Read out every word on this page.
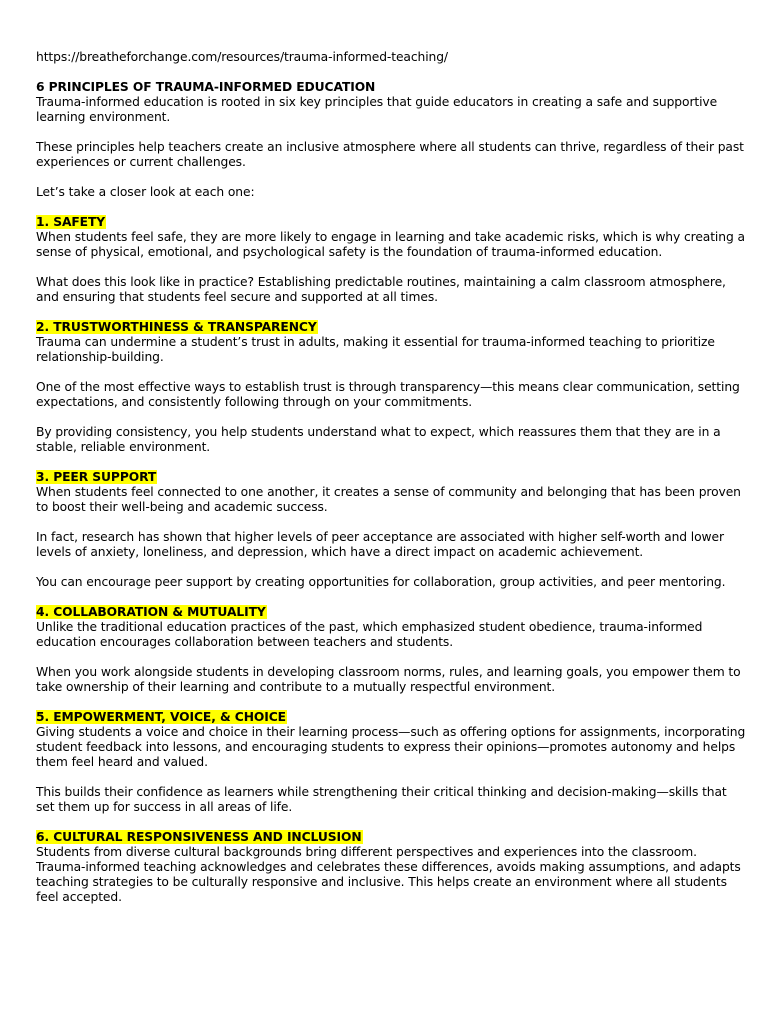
https://breatheforchange.com/resources/trauma-informed-teaching/

6 PRINCIPLES OF TRAUMA-INFORMED EDUCATION

Trauma-informed education is rooted in six key principles that guide educators in creating a safe and supportive learning environment.

These principles help teachers create an inclusive atmosphere where all students can thrive, regardless of their past experiences or current challenges.

Let’s take a closer look at each one:

1. SAFETY

When students feel safe, they are more likely to engage in learning and take academic risks, which is why creating a sense of physical, emotional, and psychological safety is the foundation of trauma-informed education.

What does this look like in practice? Establishing predictable routines, maintaining a calm classroom atmosphere, and ensuring that students feel secure and supported at all times.

2. TRUSTWORTHINESS & TRANSPARENCY

Trauma can undermine a student’s trust in adults, making it essential for trauma-informed teaching to prioritize relationship-building.

One of the most effective ways to establish trust is through transparency—this means clear communication, setting expectations, and consistently following through on your commitments.

By providing consistency, you help students understand what to expect, which reassures them that they are in a stable, reliable environment.

3. PEER SUPPORT

When students feel connected to one another, it creates a sense of community and belonging that has been proven to boost their well-being and academic success.

In fact, research has shown that higher levels of peer acceptance are associated with higher self-worth and lower levels of anxiety, loneliness, and depression, which have a direct impact on academic achievement.

You can encourage peer support by creating opportunities for collaboration, group activities, and peer mentoring.

4. COLLABORATION & MUTUALITY

Unlike the traditional education practices of the past, which emphasized student obedience, trauma-informed education encourages collaboration between teachers and students.

When you work alongside students in developing classroom norms, rules, and learning goals, you empower them to take ownership of their learning and contribute to a mutually respectful environment.

5. EMPOWERMENT, VOICE, & CHOICE

Giving students a voice and choice in their learning process—such as offering options for assignments, incorporating student feedback into lessons, and encouraging students to express their opinions—promotes autonomy and helps them feel heard and valued.

This builds their confidence as learners while strengthening their critical thinking and decision-making—skills that set them up for success in all areas of life.

6. CULTURAL RESPONSIVENESS AND INCLUSION

Students from diverse cultural backgrounds bring different perspectives and experiences into the classroom. Trauma-informed teaching acknowledges and celebrates these differences, avoids making assumptions, and adapts teaching strategies to be culturally responsive and inclusive. This helps create an environment where all students feel accepted.
